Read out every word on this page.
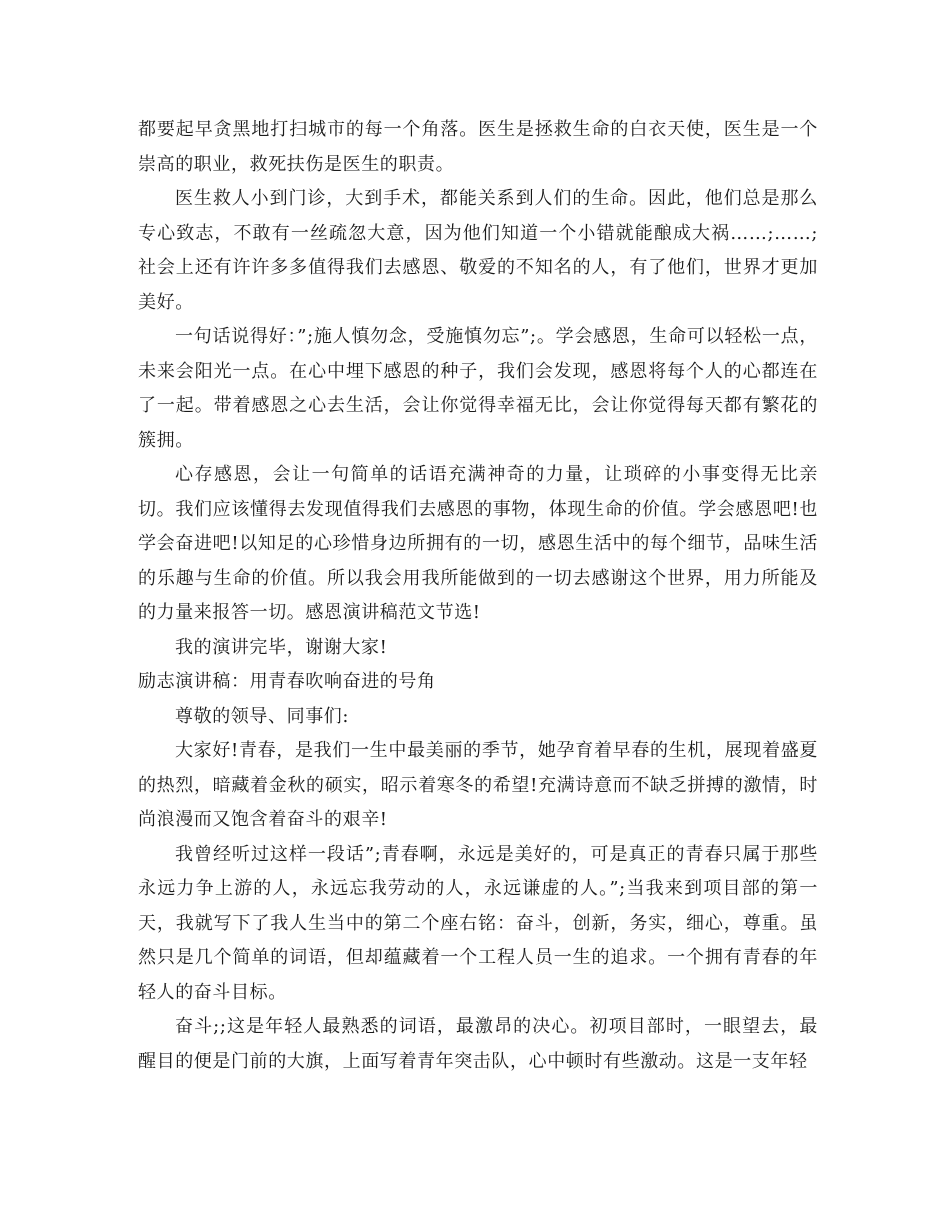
都要起早贪黑地打扫城市的每一个角落。医生是拯救生命的白衣天使，医生是一个崇高的职业，救死扶伤是医生的职责。

医生救人小到门诊，大到手术，都能关系到人们的生命。因此，他们总是那么专心致志，不敢有一丝疏忽大意，因为他们知道一个小错就能酿成大祸……;……;社会上还有许许多多值得我们去感恩、敬爱的不知名的人，有了他们，世界才更加美好。

一句话说得好：”;施人慎勿念，受施慎勿忘”;。学会感恩，生命可以轻松一点，未来会阳光一点。在心中埋下感恩的种子，我们会发现，感恩将每个人的心都连在了一起。带着感恩之心去生活，会让你觉得幸福无比，会让你觉得每天都有繁花的簇拥。

心存感恩，会让一句简单的话语充满神奇的力量，让琐碎的小事变得无比亲切。我们应该懂得去发现值得我们去感恩的事物，体现生命的价值。学会感恩吧!也学会奋进吧!以知足的心珍惜身边所拥有的一切，感恩生活中的每个细节，品味生活的乐趣与生命的价值。所以我会用我所能做到的一切去感谢这个世界，用力所能及的力量来报答一切。感恩演讲稿范文节选!

我的演讲完毕，谢谢大家!

励志演讲稿：用青春吹响奋进的号角

尊敬的领导、同事们:

大家好!青春，是我们一生中最美丽的季节，她孕育着早春的生机，展现着盛夏的热烈，暗藏着金秋的硕实，昭示着寒冬的希望!充满诗意而不缺乏拼搏的激情，时尚浪漫而又饱含着奋斗的艰辛!

我曾经听过这样一段话”;青春啊，永远是美好的，可是真正的青春只属于那些永远力争上游的人，永远忘我劳动的人，永远谦虚的人。”;当我来到项目部的第一天，我就写下了我人生当中的第二个座右铭：奋斗，创新，务实，细心，尊重。虽然只是几个简单的词语，但却蕴藏着一个工程人员一生的追求。一个拥有青春的年轻人的奋斗目标。

奋斗;;这是年轻人最熟悉的词语，最激昂的决心。初项目部时，一眼望去，最醒目的便是门前的大旗，上面写着青年突击队，心中顿时有些激动。这是一支年轻
